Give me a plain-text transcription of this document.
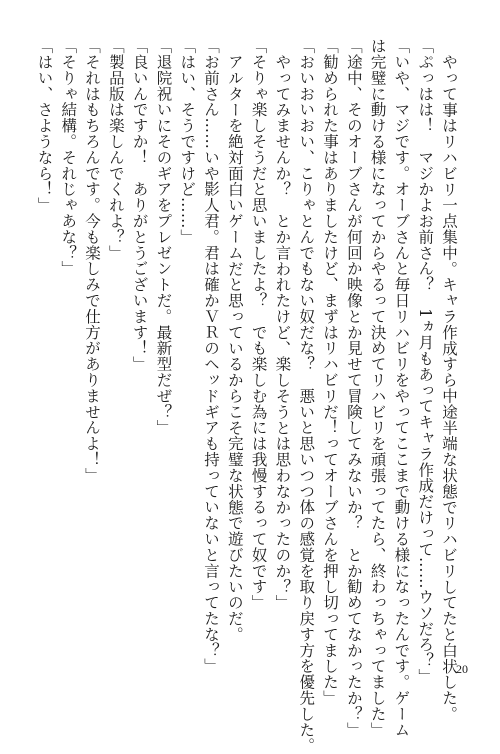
やって事はリハビリ一点集中。キャラ作成すら中途半端な状態でリハビリしてたと白状した。

「ぷっはは！　マジかよお前さん？　1ヵ月もあってキャラ作成だけって……ウソだろ？」

「いや、マジです。オーブさんと毎日リハビリをやってここまで動ける様になったんです。ゲーム

は完璧に動ける様になってからやるって決めてリハビリを頑張ってたら、終わっちゃってました」

「途中、そのオーブさんが何回か映像とか見せて冒険してみないか？　とか勧めてなかったか？」

「勧められた事はありましたけど、まずはリハビリだ！ってオーブさんを押し切ってました」

「おいおいおい、こりゃとんでもない奴だな？　悪いと思いつつ体の感覚を取り戻す方を優先した。

やってみませんか？　とか言われたけど、楽しそうとは思わなかったのか？」

「そりゃ楽しそうだと思いましたよ？　でも楽しむ為には我慢するって奴です」

アルターを絶対面白いゲームだと思っているからこそ完璧な状態で遊びたいのだ。

「お前さん……いや影人君。君は確かＶＲのヘッドギアも持っていないと言ってたな？」

「はい、そうですけど……」

「退院祝いにそのギアをプレゼントだ。最新型だぜ？」

「良いんですか！　ありがとうございます！」

「製品版は楽しんでくれよ？」

「それはもちろんです。今も楽しみで仕方がありませんよ！」

「そりゃ結構。それじゃあな？」

「はい、さようなら！」

20
